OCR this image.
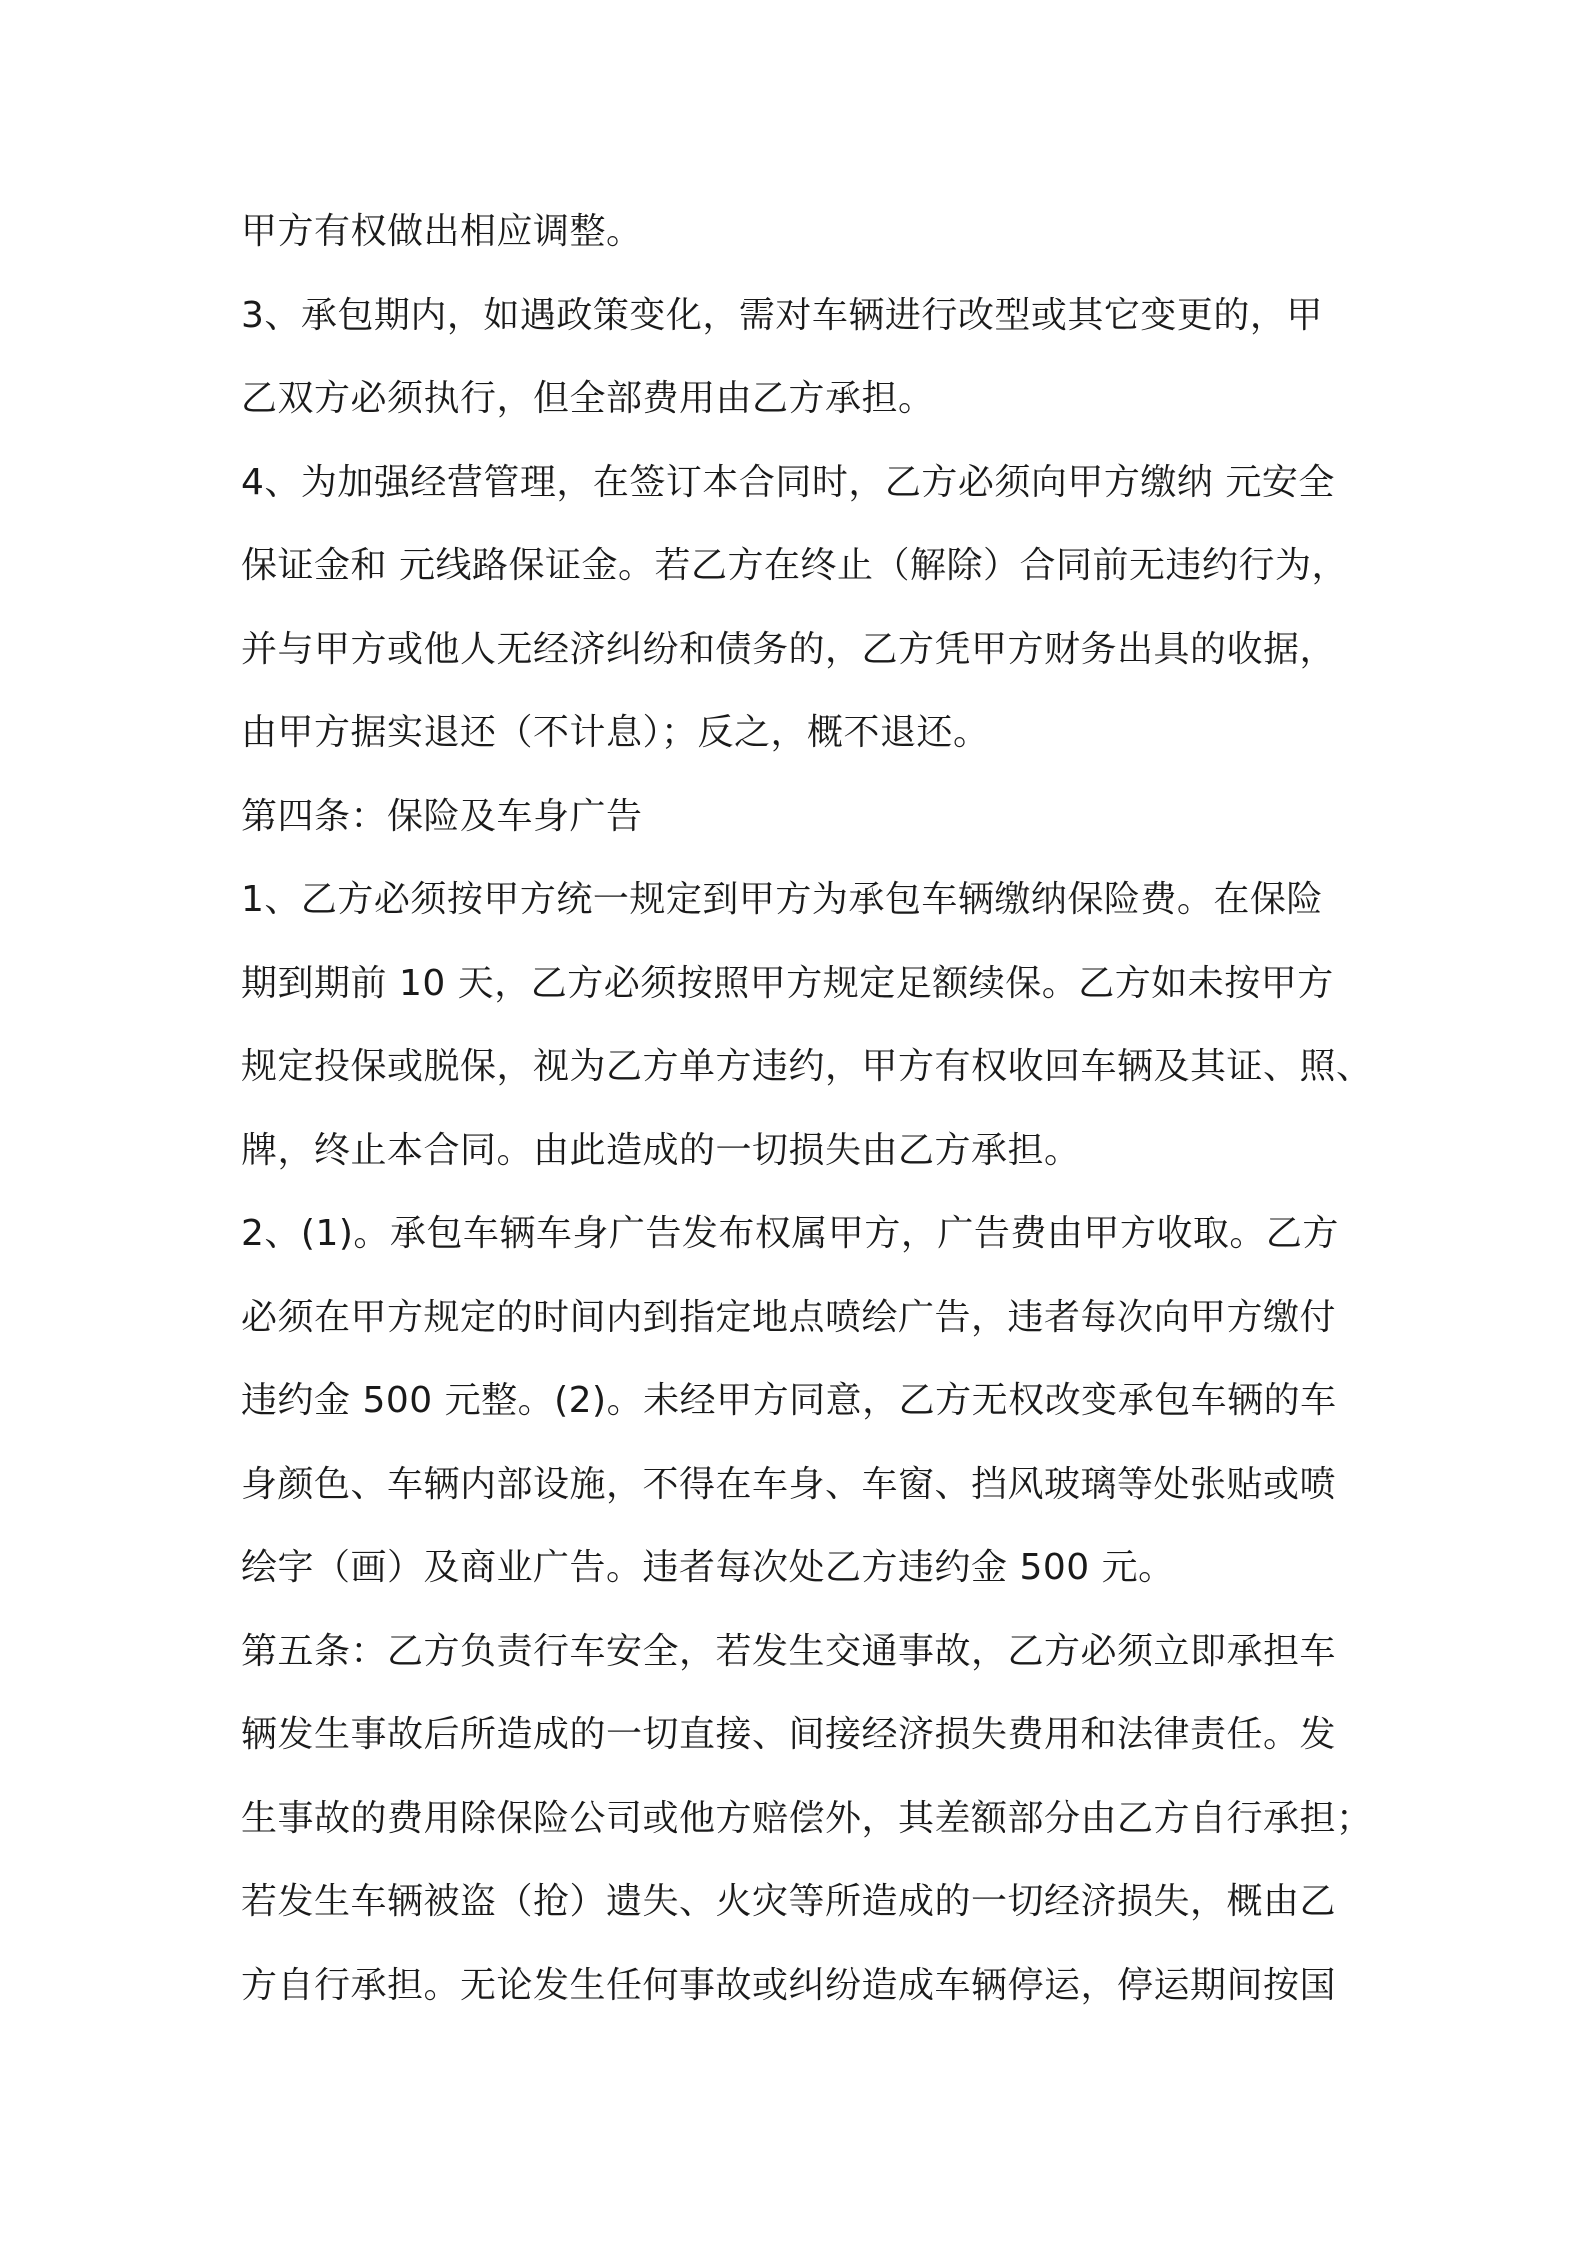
甲方有权做出相应调整。
3、承包期内，如遇政策变化，需对车辆进行改型或其它变更的，甲
乙双方必须执行，但全部费用由乙方承担。
4、为加强经营管理，在签订本合同时，乙方必须向甲方缴纳 元安全
保证金和 元线路保证金。若乙方在终止（解除）合同前无违约行为，
并与甲方或他人无经济纠纷和债务的，乙方凭甲方财务出具的收据，
由甲方据实退还（不计息）；反之，概不退还。
第四条：保险及车身广告
1、乙方必须按甲方统一规定到甲方为承包车辆缴纳保险费。在保险
期到期前 10 天，乙方必须按照甲方规定足额续保。乙方如未按甲方
规定投保或脱保，视为乙方单方违约，甲方有权收回车辆及其证、照、
牌，终止本合同。由此造成的一切损失由乙方承担。
2、(1)。承包车辆车身广告发布权属甲方，广告费由甲方收取。乙方
必须在甲方规定的时间内到指定地点喷绘广告，违者每次向甲方缴付
违约金 500 元整。(2)。未经甲方同意，乙方无权改变承包车辆的车
身颜色、车辆内部设施，不得在车身、车窗、挡风玻璃等处张贴或喷
绘字（画）及商业广告。违者每次处乙方违约金 500 元。
第五条：乙方负责行车安全，若发生交通事故，乙方必须立即承担车
辆发生事故后所造成的一切直接、间接经济损失费用和法律责任。发
生事故的费用除保险公司或他方赔偿外，其差额部分由乙方自行承担；
若发生车辆被盗（抢）遗失、火灾等所造成的一切经济损失，概由乙
方自行承担。无论发生任何事故或纠纷造成车辆停运，停运期间按国
